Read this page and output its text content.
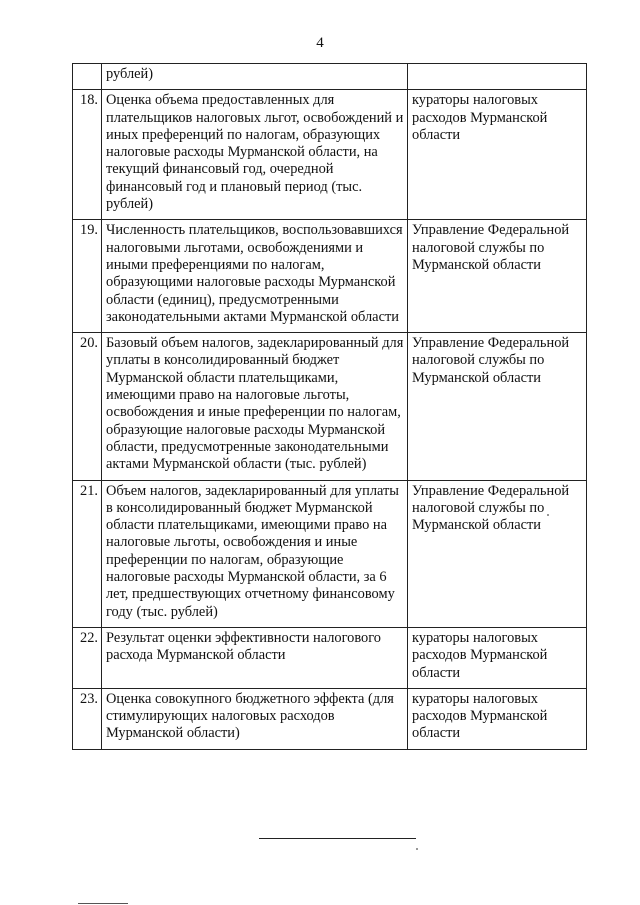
4
	рублей)	
18.	Оценка объема предоставленных для плательщиков налоговых льгот, освобождений и иных преференций по налогам, образующих налоговые расходы Мурманской области, на текущий финансовый год, очередной финансовый год и плановый период (тыс. рублей)	кураторы налоговых расходов Мурманской области
19.	Численность плательщиков, воспользовавшихся налоговыми льготами, освобождениями и иными преференциями по налогам, образующими налоговые расходы Мурманской области (единиц), предусмотренными законодательными актами Мурманской области	Управление Федеральной налоговой службы по Мурманской области
20.	Базовый объем налогов, задекларированный для уплаты в консолидированный бюджет Мурманской области плательщиками, имеющими право на налоговые льготы, освобождения и иные преференции по налогам, образующие налоговые расходы Мурманской области, предусмотренные законодательными актами Мурманской области (тыс. рублей)	Управление Федеральной налоговой службы по Мурманской области
21.	Объем налогов, задекларированный для уплаты в консолидированный бюджет Мурманской области плательщиками, имеющими право на налоговые льготы, освобождения и иные преференции по налогам, образующие налоговые расходы Мурманской области, за 6 лет, предшествующих отчетному финансовому году (тыс. рублей)	Управление Федеральной налоговой службы по Мурманской области
22.	Результат оценки эффективности налогового расхода Мурманской области	кураторы налоговых расходов Мурманской области
23.	Оценка совокупного бюджетного эффекта (для стимулирующих налоговых расходов Мурманской области)	кураторы налоговых расходов Мурманской области
